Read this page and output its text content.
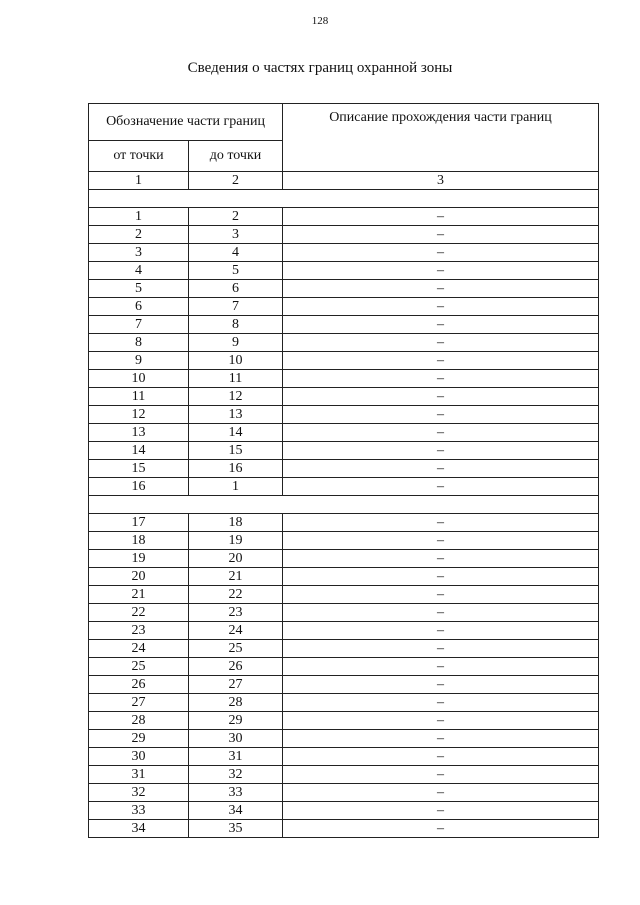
128
Сведения о частях границ охранной зоны
Обозначение части границ		Описание прохождения части границ
от точки	до точки	
1	2	3

1	2	–
2	3	–
3	4	–
4	5	–
5	6	–
6	7	–
7	8	–
8	9	–
9	10	–
10	11	–
11	12	–
12	13	–
13	14	–
14	15	–
15	16	–
16	1	–

17	18	–
18	19	–
19	20	–
20	21	–
21	22	–
22	23	–
23	24	–
24	25	–
25	26	–
26	27	–
27	28	–
28	29	–
29	30	–
30	31	–
31	32	–
32	33	–
33	34	–
34	35	–
